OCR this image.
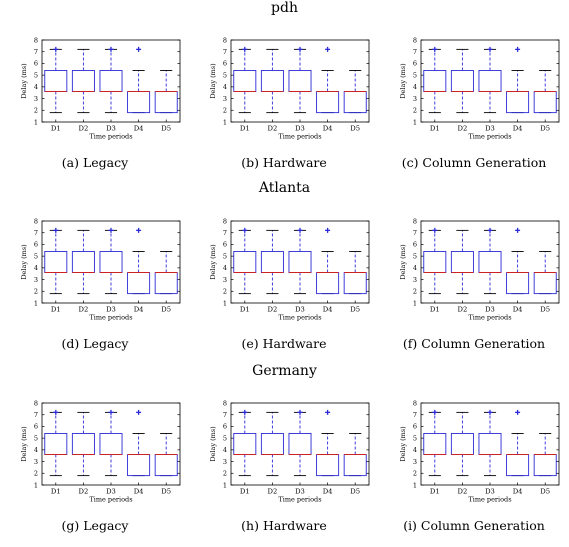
pdh
Atlanta
Germany
1
2
3
4
5
6
7
8
Delay (ms)
D1	D2	D3	D4	D5
Time periods
(a) Legacy
1
2
3
4
5
6
7
8
Delay (ms)
D1	D2	D3	D4	D5
Time periods
(b) Hardware
1
2
3
4
5
6
7
8
Delay (ms)
D1	D2	D3	D4	D5
Time periods
(c) Column Generation
1
2
3
4
5
6
7
8
Delay (ms)
D1	D2	D3	D4	D5
Time periods
(d) Legacy
1
2
3
4
5
6
7
8
Delay (ms)
D1	D2	D3	D4	D5
Time periods
(e) Hardware
1
2
3
4
5
6
7
8
Delay (ms)
D1	D2	D3	D4	D5
Time periods
(f) Column Generation
1
2
3
4
5
6
7
8
Delay (ms)
D1	D2	D3	D4	D5
Time periods
(g) Legacy
1
2
3
4
5
6
7
8
Delay (ms)
D1	D2	D3	D4	D5
Time periods
(h) Hardware
1
2
3
4
5
6
7
8
Delay (ms)
D1	D2	D3	D4	D5
Time periods
(i) Column Generation
